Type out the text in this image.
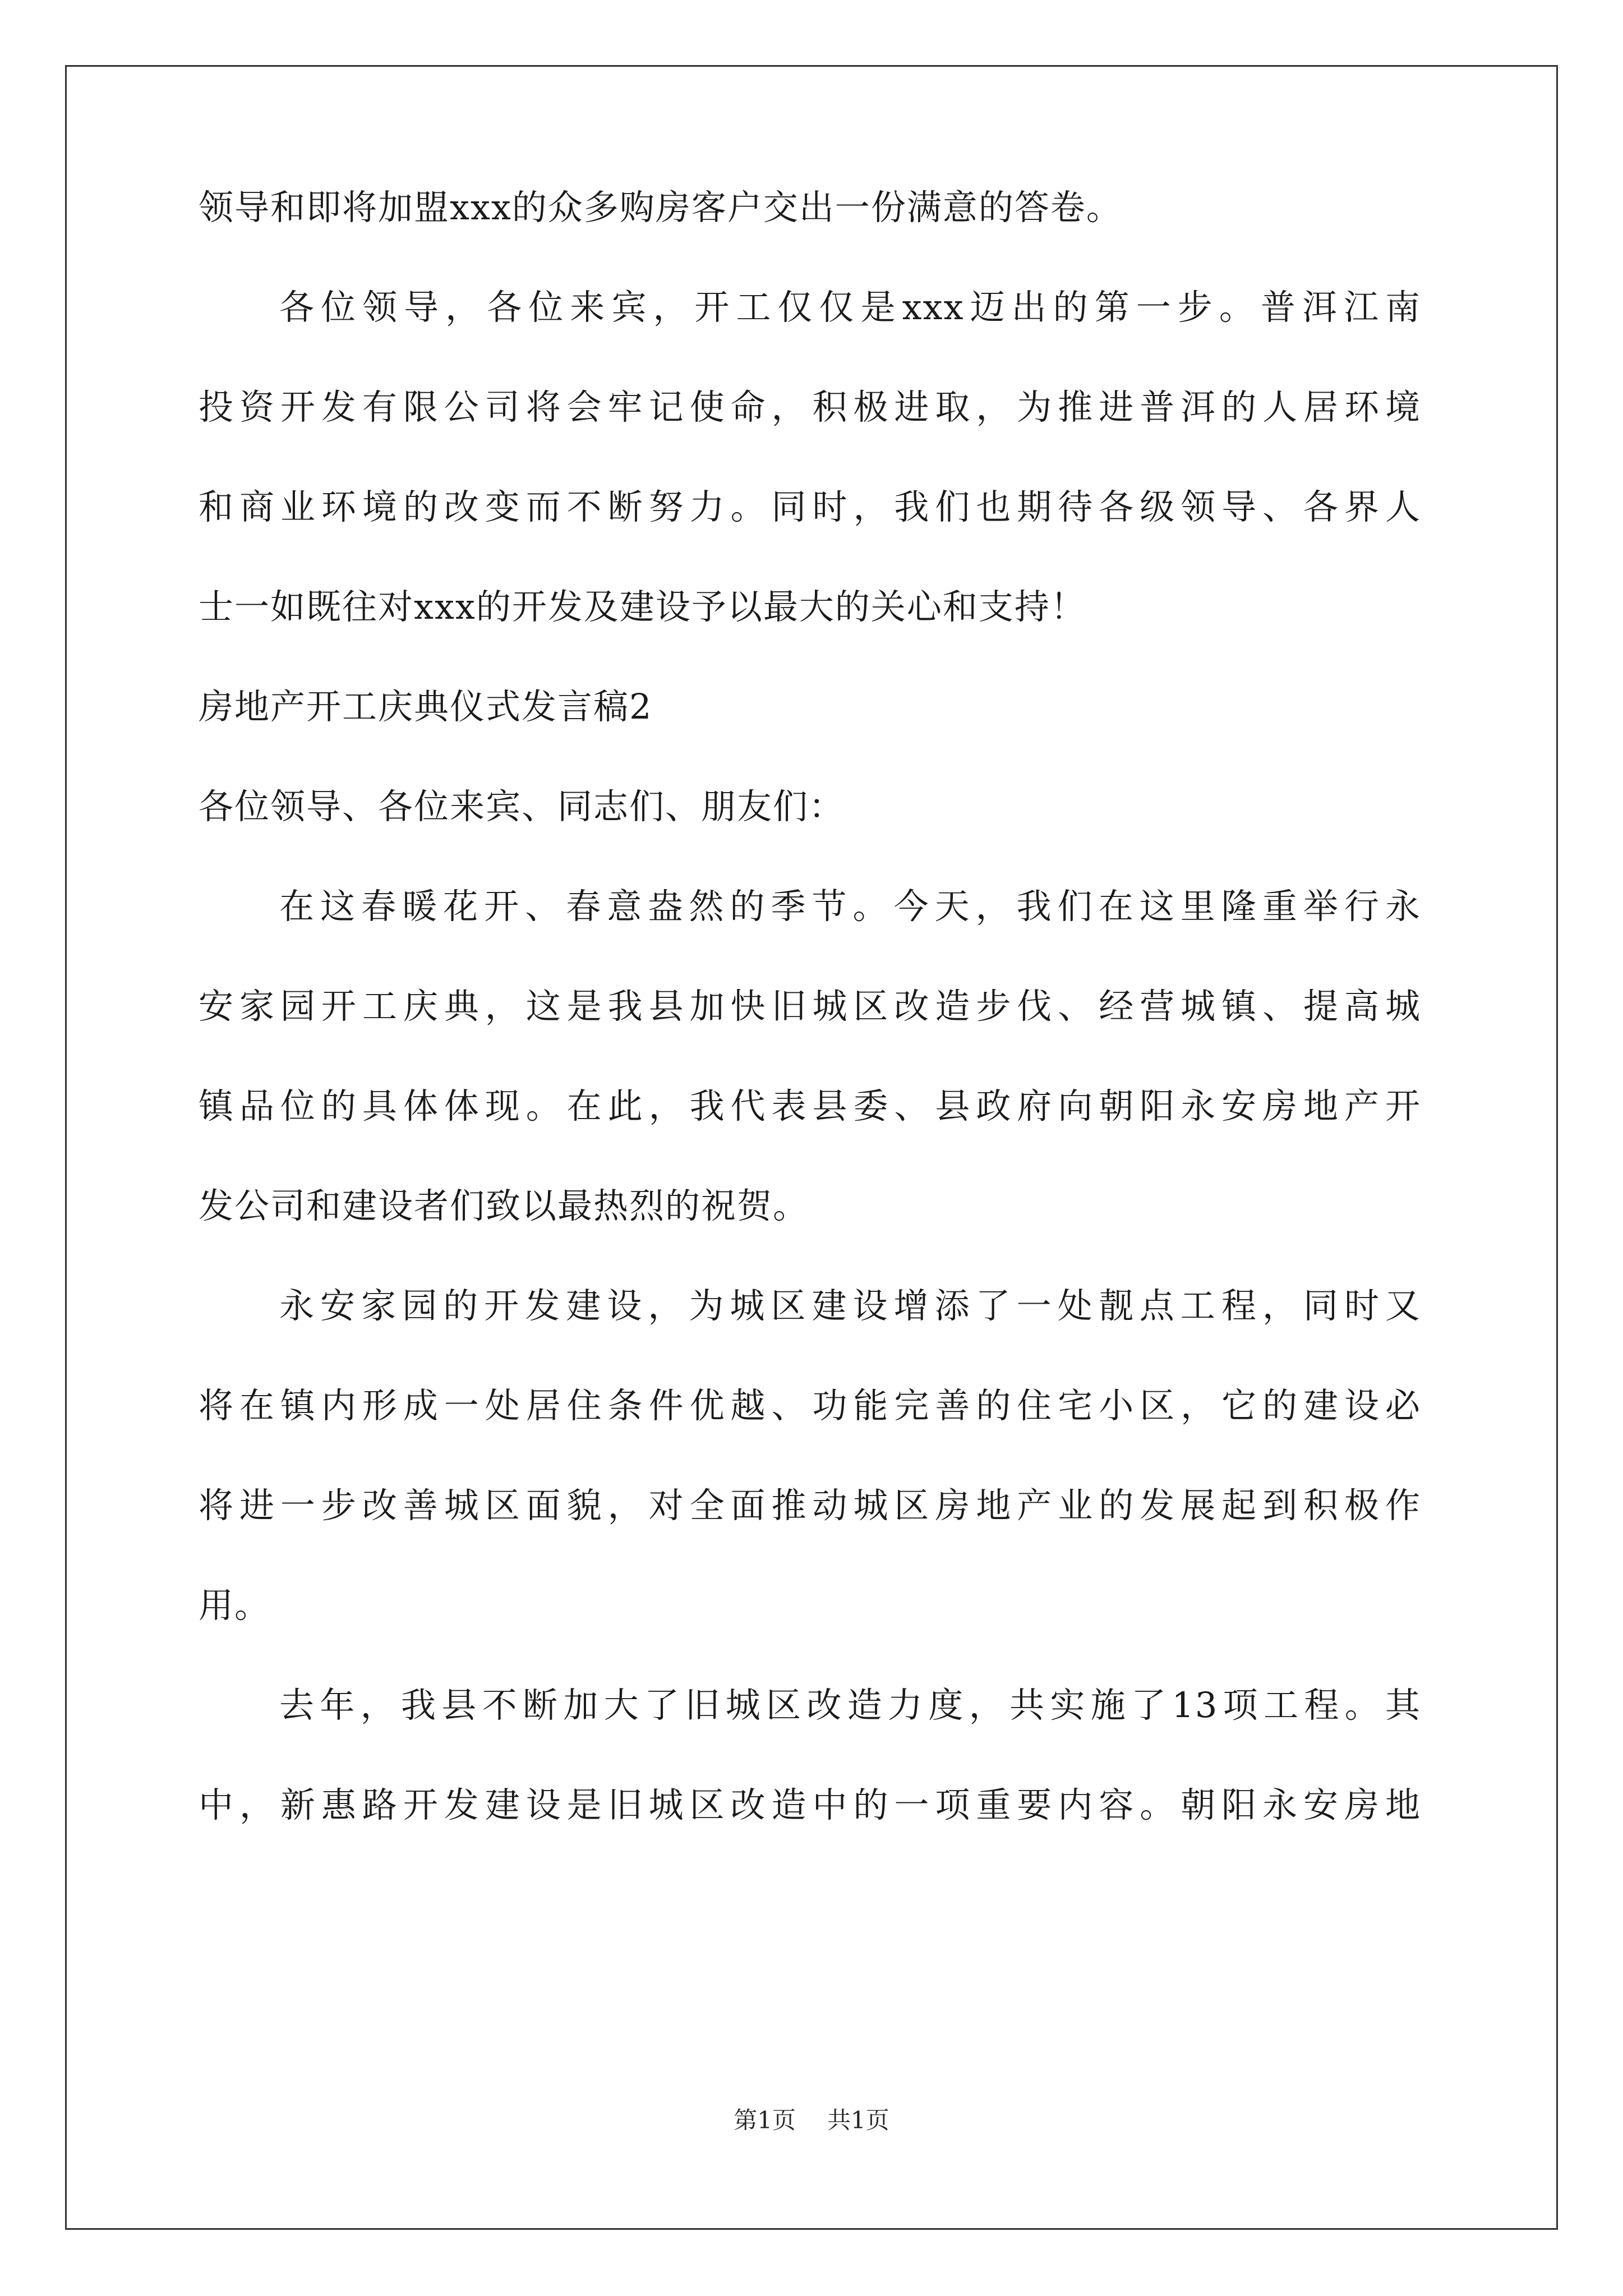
领导和即将加盟xxx的众多购房客户交出一份满意的答卷。
各位领导，各位来宾，开工仅仅是xxx迈出的第一步。普洱江南
投资开发有限公司将会牢记使命，积极进取，为推进普洱的人居环境
和商业环境的改变而不断努力。同时，我们也期待各级领导、各界人
士一如既往对xxx的开发及建设予以最大的关心和支持！
房地产开工庆典仪式发言稿2
各位领导、各位来宾、同志们、朋友们：
在这春暖花开、春意盎然的季节。今天，我们在这里隆重举行永
安家园开工庆典，这是我县加快旧城区改造步伐、经营城镇、提高城
镇品位的具体体现。在此，我代表县委、县政府向朝阳永安房地产开
发公司和建设者们致以最热烈的祝贺。
永安家园的开发建设，为城区建设增添了一处靓点工程，同时又
将在镇内形成一处居住条件优越、功能完善的住宅小区，它的建设必
将进一步改善城区面貌，对全面推动城区房地产业的发展起到积极作
用。
去年，我县不断加大了旧城区改造力度，共实施了13项工程。其
中，新惠路开发建设是旧城区改造中的一项重要内容。朝阳永安房地
第1页 共1页
